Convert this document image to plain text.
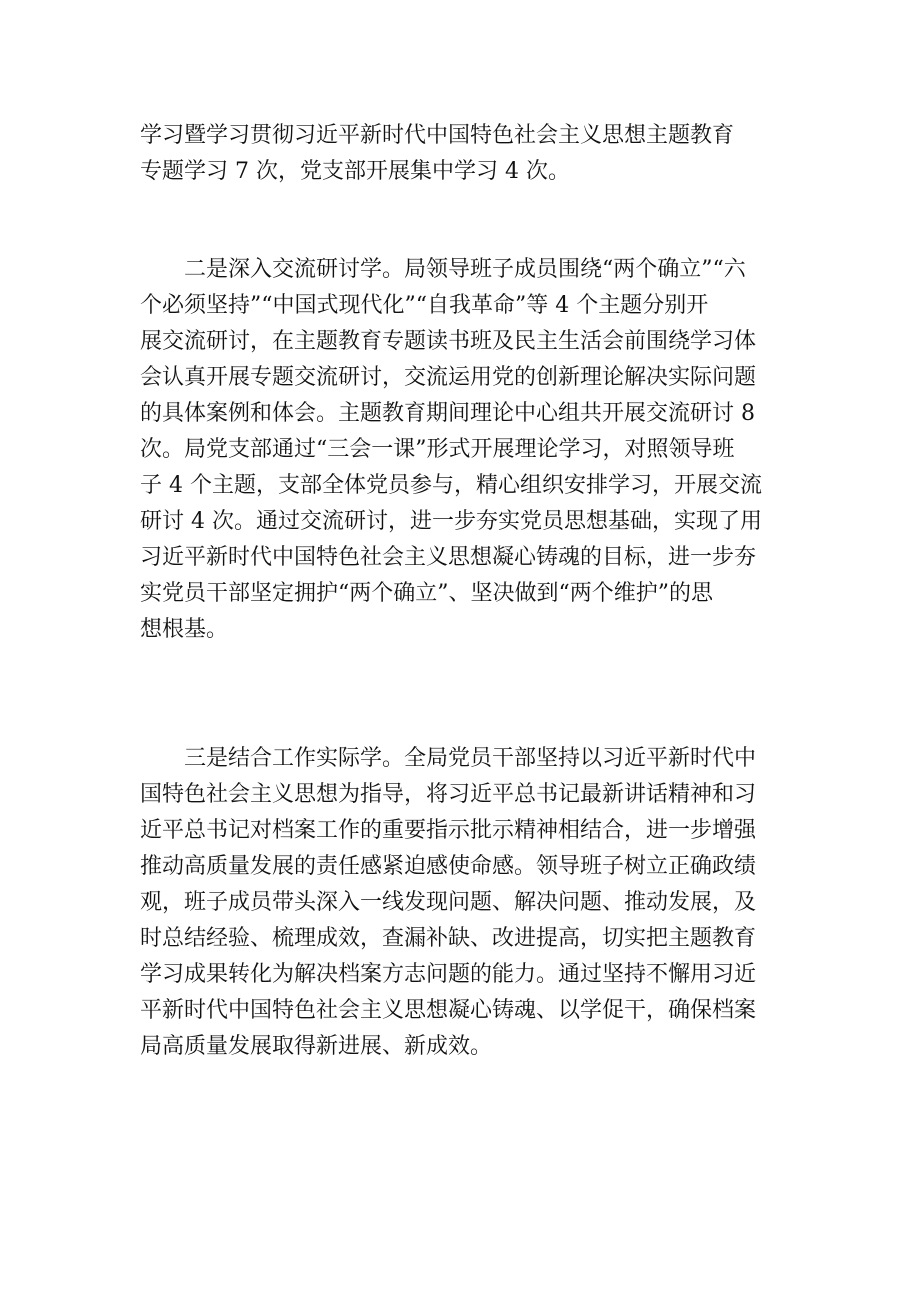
学习暨学习贯彻习近平新时代中国特色社会主义思想主题教育
专题学习 7 次，党支部开展集中学习 4 次。
二是深入交流研讨学。局领导班子成员围绕“两个确立”“六
个必须坚持”“中国式现代化”“自我革命”等 4 个主题分别开
展交流研讨，在主题教育专题读书班及民主生活会前围绕学习体
会认真开展专题交流研讨，交流运用党的创新理论解决实际问题
的具体案例和体会。主题教育期间理论中心组共开展交流研讨 8
次。局党支部通过“三会一课”形式开展理论学习，对照领导班
子 4 个主题，支部全体党员参与，精心组织安排学习，开展交流
研讨 4 次。通过交流研讨，进一步夯实党员思想基础，实现了用
习近平新时代中国特色社会主义思想凝心铸魂的目标，进一步夯
实党员干部坚定拥护“两个确立”、坚决做到“两个维护”的思
想根基。
三是结合工作实际学。全局党员干部坚持以习近平新时代中
国特色社会主义思想为指导，将习近平总书记最新讲话精神和习
近平总书记对档案工作的重要指示批示精神相结合，进一步增强
推动高质量发展的责任感紧迫感使命感。领导班子树立正确政绩
观，班子成员带头深入一线发现问题、解决问题、推动发展，及
时总结经验、梳理成效，查漏补缺、改进提高，切实把主题教育
学习成果转化为解决档案方志问题的能力。通过坚持不懈用习近
平新时代中国特色社会主义思想凝心铸魂、以学促干，确保档案
局高质量发展取得新进展、新成效。
